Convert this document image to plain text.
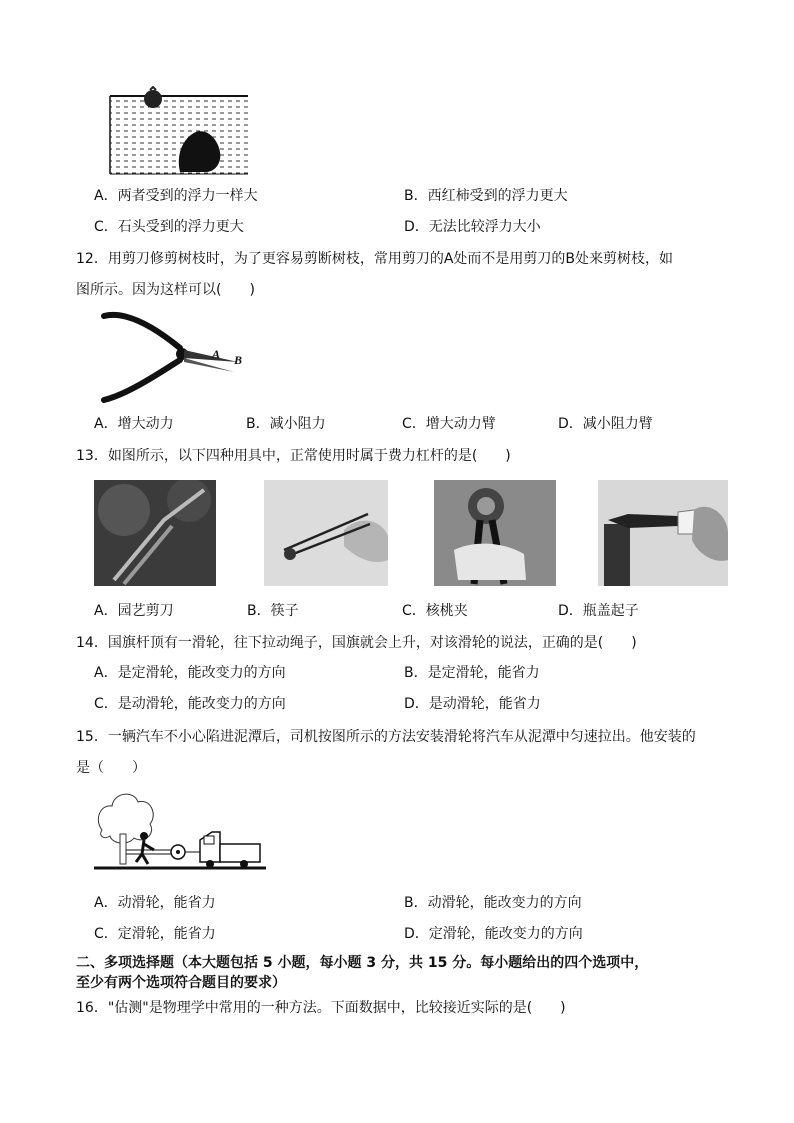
A．两者受到的浮力一样大	B．西红柿受到的浮力更大
C．石头受到的浮力更大	D．无法比较浮力大小
12．用剪刀修剪树枝时，为了更容易剪断树枝，常用剪刀的A处而不是用剪刀的B处来剪树枝，如
图所示。因为这样可以(　　)
A B
A．增大动力	B．减小阻力	C．增大动力臂	D．减小阻力臂
13．如图所示，以下四种用具中，正常使用时属于费力杠杆的是(　　)
A．园艺剪刀	B．筷子	C．核桃夹	D．瓶盖起子
14．国旗杆顶有一滑轮，往下拉动绳子，国旗就会上升，对该滑轮的说法，正确的是(　　)
A．是定滑轮，能改变力的方向	B．是定滑轮，能省力
C．是动滑轮，能改变力的方向	D．是动滑轮，能省力
15．一辆汽车不小心陷进泥潭后，司机按图所示的方法安装滑轮将汽车从泥潭中匀速拉出。他安装的
是（　　）
A．动滑轮，能省力	B．动滑轮，能改变力的方向
C．定滑轮，能省力	D．定滑轮，能改变力的方向
二、多项选择题（本大题包括 5 小题，每小题 3 分，共 15 分。每小题给出的四个选项中，
至少有两个选项符合题目的要求）
16．"估测"是物理学中常用的一种方法。下面数据中，比较接近实际的是(　　)
